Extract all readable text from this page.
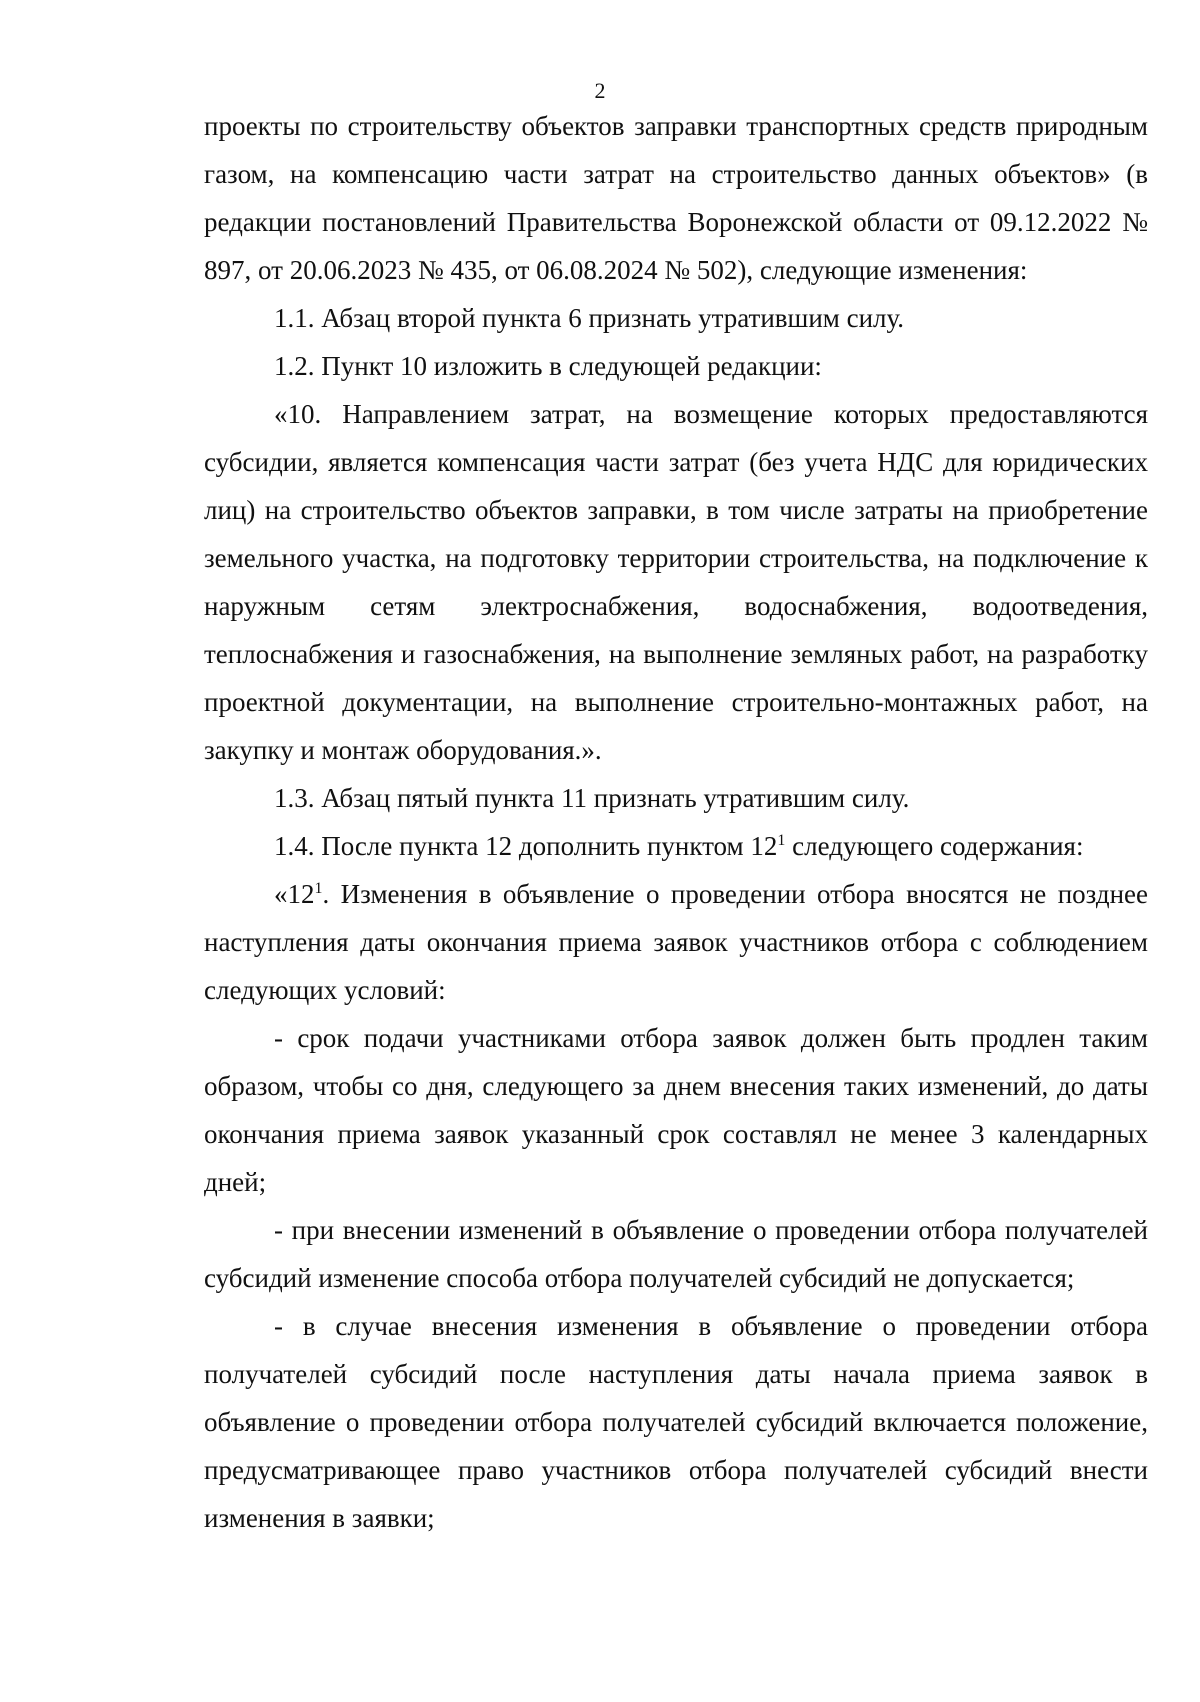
2

проекты по строительству объектов заправки транспортных средств природным газом, на компенсацию части затрат на строительство данных объектов» (в редакции постановлений Правительства Воронежской области от 09.12.2022 № 897, от 20.06.2023 № 435, от 06.08.2024 № 502), следующие изменения:

1.1. Абзац второй пункта 6 признать утратившим силу.

1.2. Пункт 10 изложить в следующей редакции:

«10. Направлением затрат, на возмещение которых предоставляются субсидии, является компенсация части затрат (без учета НДС для юридических лиц) на строительство объектов заправки, в том числе затраты на приобретение земельного участка, на подготовку территории строительства, на подключение к наружным сетям электроснабжения, водоснабжения, водоотведения, теплоснабжения и газоснабжения, на выполнение земляных работ, на разработку проектной документации, на выполнение строительно-монтажных работ, на закупку и монтаж оборудования.».

1.3. Абзац пятый пункта 11 признать утратившим силу.

1.4. После пункта 12 дополнить пунктом $12^1$ следующего содержания:

«$12^1$. Изменения в объявление о проведении отбора вносятся не позднее наступления даты окончания приема заявок участников отбора с соблюдением следующих условий:

- срок подачи участниками отбора заявок должен быть продлен таким образом, чтобы со дня, следующего за днем внесения таких изменений, до даты окончания приема заявок указанный срок составлял не менее 3 календарных дней;

- при внесении изменений в объявление о проведении отбора получателей субсидий изменение способа отбора получателей субсидий не допускается;

- в случае внесения изменения в объявление о проведении отбора получателей субсидий после наступления даты начала приема заявок в объявление о проведении отбора получателей субсидий включается положение, предусматривающее право участников отбора получателей субсидий внести изменения в заявки;
